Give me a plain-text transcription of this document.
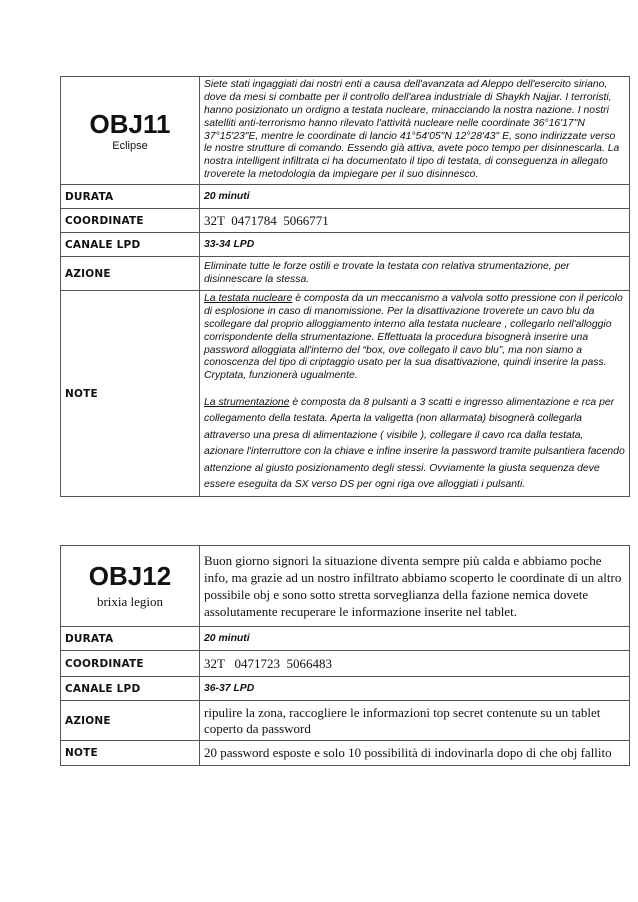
OBJ11
Eclipse	Siete stati ingaggiati dai nostri enti a causa dell'avanzata ad Aleppo dell'esercito siriano, dove da mesi si combatte per il controllo dell'area industriale di Shaykh Najjar. I terroristi, hanno posizionato un ordigno a testata nucleare, minacciando la nostra nazione. I nostri satelliti anti-terrorismo hanno rilevato l'attività nucleare nelle coordinate 36°16'17"N 37°15'23"E, mentre le coordinate di lancio 41°54'05"N 12°28'43" E, sono indirizzate verso le nostre strutture di comando. Essendo già attiva, avete poco tempo per disinnescarla. La nostra intelligent infiltrata ci ha documentato il tipo di testata, di conseguenza in allegato troverete la metodologia da impiegare per il suo disinnesco.
DURATA	20 minuti
COORDINATE	32T  0471784  5066771
CANALE LPD	33-34 LPD
AZIONE	Eliminate tutte le forze ostili e trovate la testata con relativa strumentazione, per disinnescare la stessa.
NOTE	La testata nucleare è composta da un meccanismo a valvola sotto pressione con il pericolo di esplosione in caso di manomissione. Per la disattivazione troverete un cavo blu da scollegare dal proprio alloggiamento interno alla testata nucleare , collegarlo nell'alloggio corrispondente della strumentazione. Effettuata la procedura bisognerà inserire una password alloggiata all'interno del “box, ove collegato il cavo blu”, ma non siamo a conoscenza del tipo di criptaggio usato per la sua disattivazione, quindi inserire la pass. Cryptata, funzionerà ugualmente.

La strumentazione è composta da 8 pulsanti a 3 scatti e ingresso alimentazione e rca per collegamento della testata. Aperta la valigetta (non allarmata) bisognerà collegarla attraverso una presa di alimentazione ( visibile ), collegare il cavo rca dalla testata, azionare l'interruttore con la chiave e infine inserire la password tramite pulsantiera facendo attenzione al giusto posizionamento degli stessi. Ovviamente la giusta sequenza deve essere eseguita da SX verso DS per ogni riga ove alloggiati i pulsanti.

OBJ12
brixia legion	Buon giorno signori la situazione diventa sempre più calda e abbiamo poche info, ma grazie ad un nostro infiltrato abbiamo scoperto le coordinate di un altro possibile obj e sono sotto stretta sorveglianza della fazione nemica dovete assolutamente recuperare le informazione inserite nel tablet.
DURATA	20 minuti
COORDINATE	32T   0471723  5066483
CANALE LPD	36-37 LPD
AZIONE	ripulire la zona, raccogliere le informazioni top secret contenute su un tablet coperto da password
NOTE	20 password esposte e solo 10 possibilità di indovinarla dopo di che obj fallito
